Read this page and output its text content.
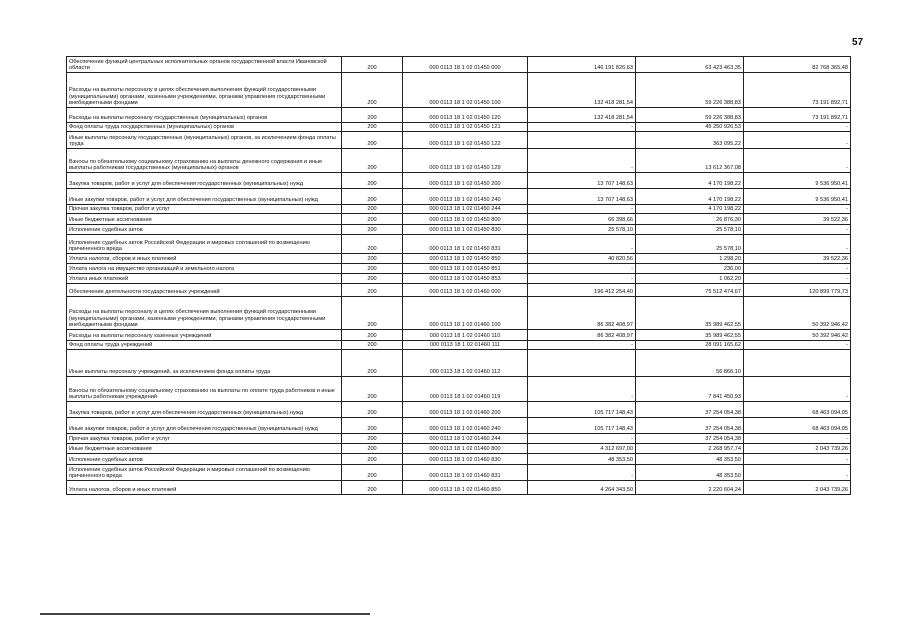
57
Обеспечение функций центральных исполнительных органов государственной власти Ивановской области	200	000 0113 18 1 02 01450 000	146 191 826,63	63 423 463,35	82 768 365,48
Расходы на выплаты персоналу в целях обеспечения выполнения функций государственными (муниципальными) органами, казенными учреждениями, органами управления государственными внебюджетными фондами	200	000 0113 18 1 02 01450 100	132 418 281,54	59 226 388,83	73 191 892,71
Расходы на выплаты персоналу государственных (муниципальных) органов	200	000 0113 18 1 02 01450 120	132 418 281,54	59 226 388,83	73 191 892,71
Фонд оплаты труда государственных (муниципальных) органов	200	000 0113 18 1 02 01450 121	-	45 250 926,53	-
Иные выплаты персоналу государственных (муниципальных) органов, за исключением фонда оплаты труда	200	000 0113 18 1 02 01450 122		363 095,22	-
Взносы по обязательному социальному страхованию на выплаты денежного содержания и иные выплаты работникам государственных (муниципальных) органов	200	000 0113 18 1 02 01450 129	-	13 612 367,08	-
Закупка товаров, работ и услуг для обеспечения государственных (муниципальных) нужд	200	000 0113 18 1 02 01450 200	13 707 148,63	4 170 198,22	9 536 950,41
Иные закупки товаров, работ и услуг для обеспечения государственных (муниципальных) нужд	200	000 0113 18 1 02 01450 240	13 707 148,63	4 170 198,22	9 536 950,41
Прочая закупка товаров, работ и услуг	200	000 0113 18 1 02 01450 244	-	4 170 198,22	-
Иные бюджетные ассигнования	200	000 0113 18 1 02 01450 800	66 398,66	26 876,30	39 522,36
Исполнение судебных актов	200	000 0113 18 1 02 01450 830	25 578,10	25 578,10	-
Исполнение судебных актов Российской Федерации и мировых соглашений по возмещению причиненного вреда	200	000 0113 18 1 02 01450 831	-	25 578,10	-
Уплата налогов, сборов и иных платежей	200	000 0113 18 1 02 01450 850	40 820,56	1 298,20	39 522,36
Уплата налога на имущество организаций и земельного налога	200	000 0113 18 1 02 01450 851	-	236,00	-
Уплата иных платежей	200	000 0113 18 1 02 01450 853	-	1 062,20	-
Обеспечение деятельности государственных учреждений	200	000 0113 18 1 02 01460 000	196 412 254,40	75 512 474,67	120 899 779,73
Расходы на выплаты персоналу в целях обеспечения выполнения функций государственными (муниципальными) органами, казенными учреждениями, органами управления государственными внебюджетными фондами	200	000 0113 18 1 02 01460 100	86 382 408,97	35 989 462,55	50 392 946,42
Расходы на выплаты персоналу казенных учреждений	200	000 0113 18 1 02 01460 110	86 382 408,97	35 989 462,55	50 392 946,42
Фонд оплаты труда учреждений	200	000 0113 18 1 02 01460 111	-	28 091 165,62	-
Иные выплаты персоналу учреждений, за исключением фонда оплаты труда	200	000 0113 18 1 02 01460 112		56 866,10	
Взносы по обязательному социальному страхованию на выплаты по оплате труда работников и иные выплаты работникам учреждений	200	000 0113 18 1 02 01460 119	-	7 841 450,93	-
Закупка товаров, работ и услуг для обеспечения государственных (муниципальных) нужд	200	000 0113 18 1 02 01460 200	105 717 148,43	37 254 054,38	68 463 094,05
Иные закупки товаров, работ и услуг для обеспечения государственных (муниципальных) нужд	200	000 0113 18 1 02 01460 240	105 717 148,43	37 254 054,38	68 463 094,05
Прочая закупка товаров, работ и услуг	200	000 0113 18 1 02 01460 244	-	37 254 054,38	-
Иные бюджетные ассигнования	200	000 0113 18 1 02 01460 800	4 312 697,00	2 268 957,74	2 043 739,26
Исполнение судебных актов	200	000 0113 18 1 02 01460 830	48 353,50	48 353,50	-
Исполнение судебных актов Российской Федерации и мировых соглашений по возмещению причиненного вреда	200	000 0113 18 1 02 01460 831	-	48 353,50	-
Уплата налогов, сборов и иных платежей	200	000 0113 18 1 02 01460 850	4 264 343,50	2 220 604,24	2 043 739,26
